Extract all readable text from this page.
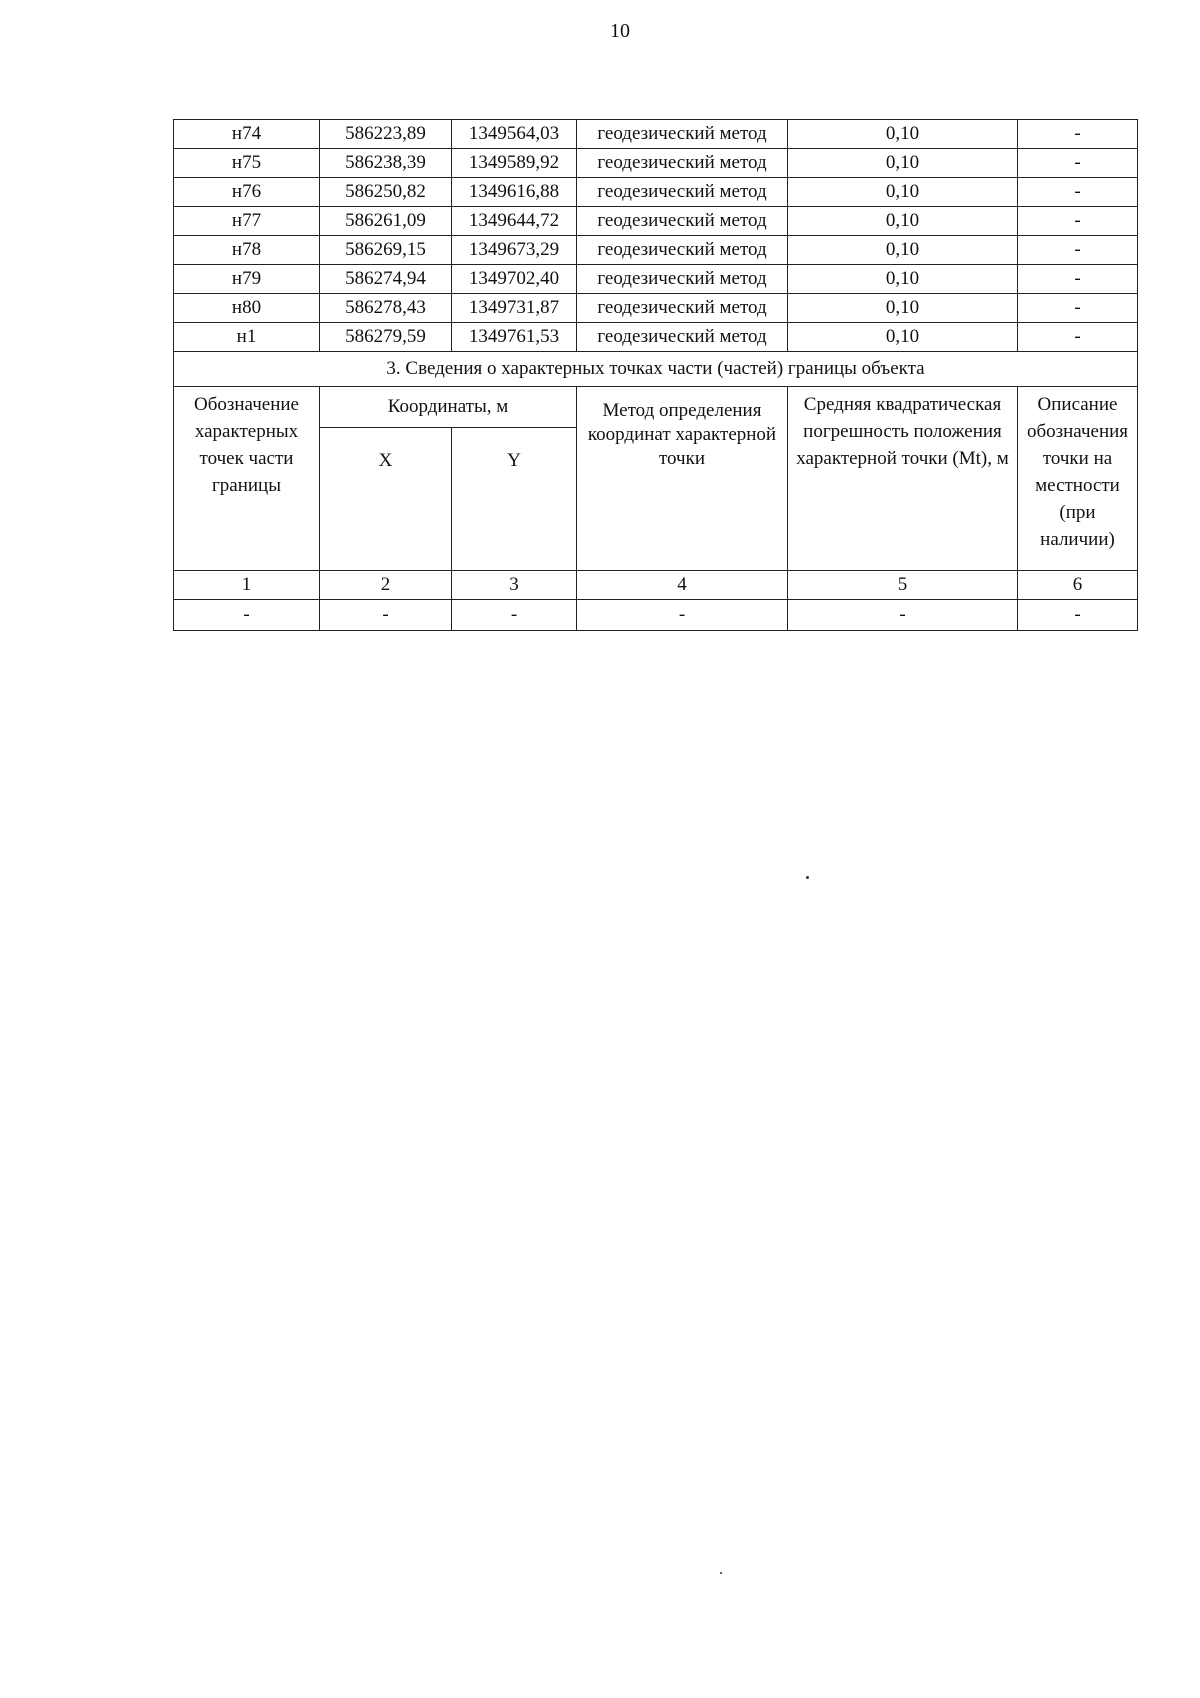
10
н74	586223,89	1349564,03	геодезический метод	0,10	-
н75	586238,39	1349589,92	геодезический метод	0,10	-
н76	586250,82	1349616,88	геодезический метод	0,10	-
н77	586261,09	1349644,72	геодезический метод	0,10	-
н78	586269,15	1349673,29	геодезический метод	0,10	-
н79	586274,94	1349702,40	геодезический метод	0,10	-
н80	586278,43	1349731,87	геодезический метод	0,10	-
н1	586279,59	1349761,53	геодезический метод	0,10	-
3. Сведения о характерных точках части (частей) границы объекта					
Обозначение характерных точек части границы	Координаты, м		Метод определения координат характерной точки	Средняя квадратическая погрешность положения характерной точки (Mt), м	Описание обозначения точки на местности (при наличии)
	X	Y			
1	2	3	4	5	6
-	-	-	-	-	-
